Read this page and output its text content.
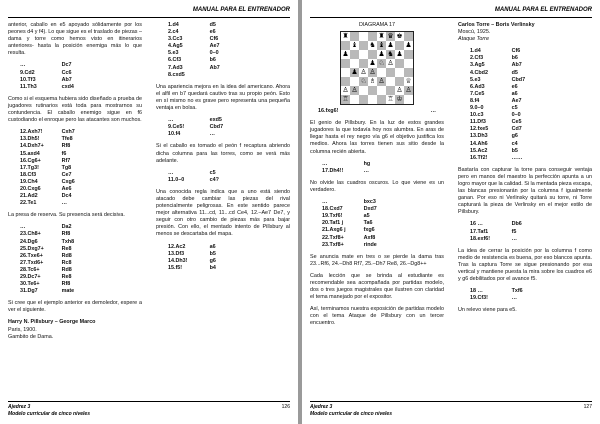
MANUAL PARA EL ENTRENADOR

anterior, caballo en e5 apoyado sólidamente por los peones d4 y f4). Lo que sigue es el traslado de piezas – dama y torre como hemos visto en itinerarios anteriores- hasta la posición enemiga más lo que resulta.

…	Dc7
9.Cd2	Cc6
10.Tf3	Ab7
11.Th3	cxd4

Como si el esquema hubiera sido diseñado a prueba de jugadores rutinarios está toda para mostrarnos su contundencia. El caballo enemigo sigue en f6 custodiando el enroque pero las atacantes son muchos.

12.Axh7!	Cxh7
13.Dh5!	Tfe8
14.Dxh7+	Rf8
15.axd4	f6
16.Cg6+	Rf7
17.Tg3!	Tg8
18.Cf3	Ce7
19.Ch4	Cxg6
20.Cxg6	Ae6
21.Ad2	Dc4
22.Te1	…

La presa de reserva. Su presencia será decisiva.

…	Da2
23.Ch8+	Rf8
24.Dg6	Txh8
25.Dxg7+	Re8
26.Txe6+	Rd8
27.Txd6+	Rc8
28.Tc6+	Rd8
29.Dc7+	Re8
30.Te6+	Rf8
31.Dg7	mate

Si cree que el ejemplo anterior es demoledor, espere a ver el siguiente.

Harry N. Pillsbury – George Marco
Paris, 1900.
Gambito de Dama.
1.d4	d5
2.c4	e6
3.Cc3	Cf6
4.Ag5	Ae7
5.e3	0–0
6.Cf3	b6
7.Ad3	Ab7
8.cxd5

Una apariencia mejora en la idea del americano. Ahora el alfil en b7 quedará cautivo tras su propio peón. Esto en sí mismo no es grave pero representa una pequeña ventaja en bolsa.

…	exd5
9.Ce5!	Cbd7
10.f4	…

Si el caballo es tomado el peón f recaptura abriendo dicha columna para las torres, como se verá más adelante.

…	c5
11.0–0	c4?

Una conocida regla indica que a uno está siendo atacado debe cambiar las piezas del rival potencialmente peligrosas. En este sentido parece mejor alternativa 11...cd, 11...cd Ce4, 12.–Ae7 De7, y seguir con otro cambio de piezas más para bajar presión. Con ello, el mentado intento de Pillsbury al menos se descartaba del mapa.

12.Ac2	a6
13.Df3	b5
14.Dh3!	g6
15.f5!	b4
Ajedrez 3
Modelo curricular de cinco niveles
126
MANUAL PARA EL ENTRENADOR
DIAGRAMA 17
♜	♜ ♛ ♚
♝ ♞ ♝ ♟ ♟
♟	♟ ♞ ♟
♟ ♘ ♙
♟ ♙ ♙
♘ ♗ ♙	♕
♙ ♙	♙ ♙
♖	♖ ♔
16.fxg6!	…

El genio de Pillsbury. En la luz de estos grandes jugadores la que todavía hoy nos alumbra. En aras de llegar hasta el rey negro vía g6 el objetivo justifica los medios. Ahora las torres tienen sus sitio desde la columna recién abierta.

…	hg
17.Dh4!!	…

No olvide las cuadros oscuros. Lo que viene es un verdadero.

…	bxc3
18.Cxd7	Dxd7
19.Txf6!	a5
20.Taf1 j	Ta6
21.Axg6 j	fxg6
22.Txf8+	Axf8
23.Txf8+	rinde

Se anuncia mate en tres o se pierde la dama tras 23...Rf6, 24.–Dh8 Rf7, 25.–Dh7 Re8, 26.–Dg8++

Cada lección que se brinda al estudiante es recomendable sea acompañada por partidas modelo, dos o tres juegos magistrales que ilustren con claridad el tema manejado por el expositor.

Así, terminamos nuestra exposición de partidas modelo con el tema Ataque de Pillsbury con un tercer encuentro.

Carlos Torre – Boris Verlinsky
Moscú, 1925.
Ataque Torre
1.d4	Cf6
2.Cf3	b6
3.Ag5	Ab7
4.Cbd2	d5
5.e3	Cbd7
6.Ad3	e6
7.Ce5	a6
8.f4	Ae7
9.0–0	c5
10.c3	0–0
11.Df3	Ce5
12.fxe5	Cd7
13.Dh3	g6
14.Ah6	c4
15.Ac2	b5
16.Tf2!	……

Bastaría con capturar la torre para conseguir ventaja pero en manos del maestro la perfección apunta a un logro mayor que la calidad. Si la mentada pieza escapa, las blancas presionarán por la columna f igualmente ganan. Por eso ni Verlinsky quitará su torre, ni Torre capturará la pieza de Verlinsky en el mejor estilo de Pillsbury.

16 …	Db6
17.Taf1	f5
18.exf6!	…

La idea de cerrar la posición por la columna f como medio de resistencia es buena, por eso blancos apunta. Tras la captura Torre se sigue presionando por esa vertical y mantiene puesta la mira sobre los cuadros e6 y g6 debilitados por el avance f5.

18 …	Txf6
19.Cf3!	…

Un relevo viene para e5.

Ajedrez 3
Modelo curricular de cinco niveles
127
